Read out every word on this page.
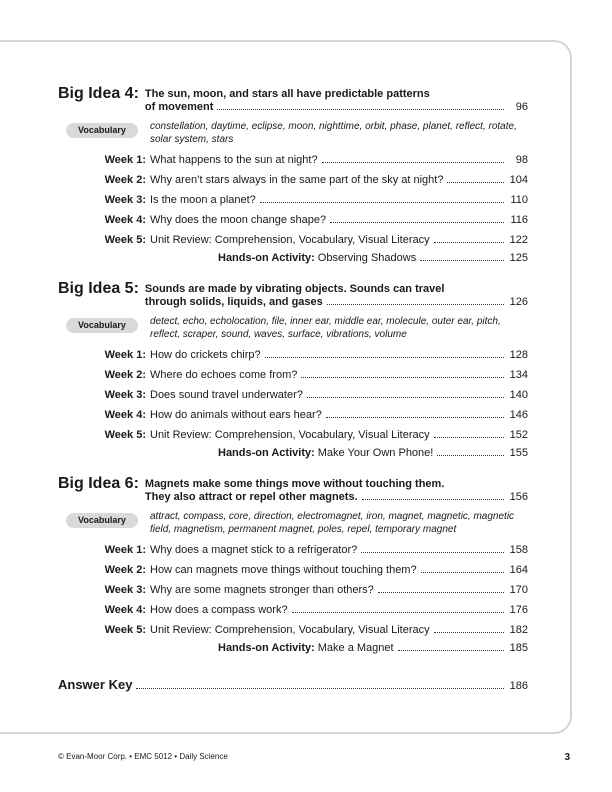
Big Idea 4: The sun, moon, and stars all have predictable patterns
of movement	96
Vocabulary	constellation, daytime, eclipse, moon, nighttime, orbit, phase, planet, reflect, rotate, solar system, stars
Week 1: What happens to the sun at night?	98
Week 2: Why aren’t stars always in the same part of the sky at night?	104
Week 3: Is the moon a planet?	110
Week 4: Why does the moon change shape?	116
Week 5: Unit Review: Comprehension, Vocabulary, Visual Literacy	122
Hands-on Activity: Observing Shadows	125
Big Idea 5: Sounds are made by vibrating objects. Sounds can travel
through solids, liquids, and gases	126
Vocabulary	detect, echo, echolocation, file, inner ear, middle ear, molecule, outer ear, pitch, reflect, scraper, sound, waves, surface, vibrations, volume
Week 1: How do crickets chirp?	128
Week 2: Where do echoes come from?	134
Week 3: Does sound travel underwater?	140
Week 4: How do animals without ears hear?	146
Week 5: Unit Review: Comprehension, Vocabulary, Visual Literacy	152
Hands-on Activity: Make Your Own Phone!	155
Big Idea 6: Magnets make some things move without touching them.
They also attract or repel other magnets.	156
Vocabulary	attract, compass, core, direction, electromagnet, iron, magnet, magnetic, magnetic field, magnetism, permanent magnet, poles, repel, temporary magnet
Week 1: Why does a magnet stick to a refrigerator?	158
Week 2: How can magnets move things without touching them?	164
Week 3: Why are some magnets stronger than others?	170
Week 4: How does a compass work?	176
Week 5: Unit Review: Comprehension, Vocabulary, Visual Literacy	182
Hands-on Activity: Make a Magnet	185
Answer Key	186
© Evan-Moor Corp. • EMC 5012 • Daily Science	3
